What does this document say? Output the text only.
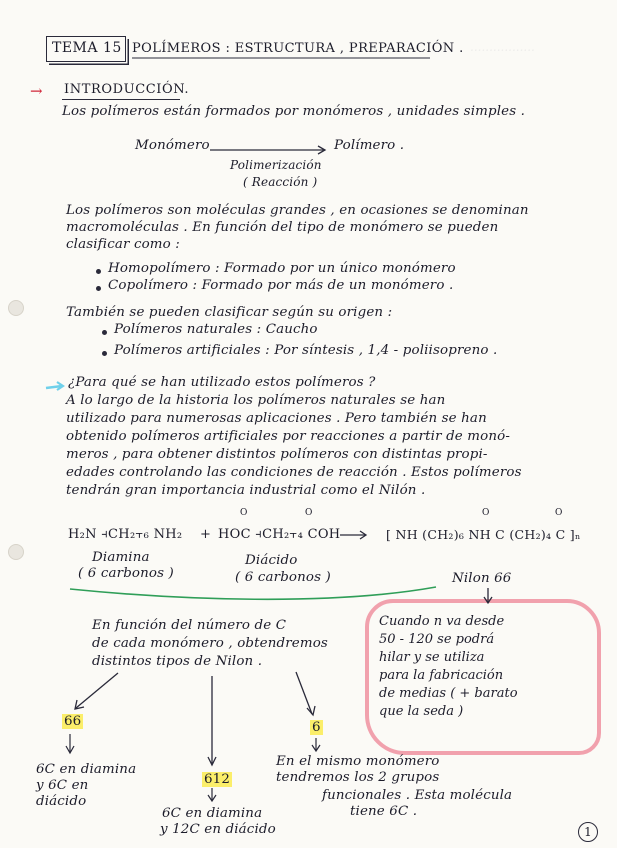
.................
TEMA 15 POLÍMEROS : ESTRUCTURA , PREPARACIÓN .
→ INTRODUCCIÓN.
Los polímeros están formados por monómeros , unidades simples .
Monómero	Polímero .
Polimerización
( Reacción )
Los polímeros son moléculas grandes , en ocasiones se denominan
macromoléculas . En función del tipo de monómero se pueden
clasificar como :
Homopolímero : Formado por un único monómero
Copolímero : Formado por más de un monómero .
También se pueden clasificar según su origen :
Polímeros naturales : Caucho
Polímeros artificiales : Por síntesis , 1,4 - poliisopreno .
¿Para qué se han utilizado estos polímeros ?
A lo largo de la historia los polímeros naturales se han
utilizado para numerosas aplicaciones . Pero también se han
obtenido polímeros artificiales por reacciones a partir de monó-
meros , para obtener distintos polímeros con distintas propi-
edades controlando las condiciones de reacción . Estos polímeros
tendrán gran importancia industrial como el Nilón .
H₂N ⫞CH₂⫟₆ NH₂ + HOC ⫞CH₂⫟₄ COH
O	O
[ NH (CH₂)₆ NH C (CH₂)₄ C ]ₙ
O	O
Diamina
( 6 carbonos )
Diácido
( 6 carbonos )	Nilon 66
En función del número de C
de cada monómero , obtendremos
distintos tipos de Nilon .
Cuando n va desde
50 - 120 se podrá
hilar y se utiliza
para la fabricación
de medias ( + barato
que la seda )
66
6C en diamina
y 6C en
diácido
612
6C en diamina
y 12C en diácido
6
En el mismo monómero
tendremos los 2 grupos
funcionales . Esta molécula
tiene 6C .
1
